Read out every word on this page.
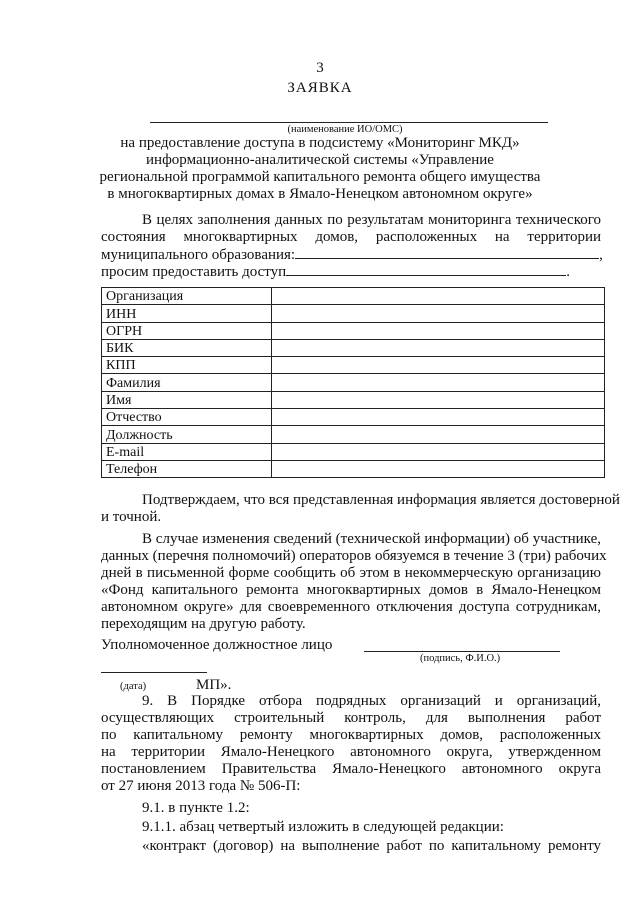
3
ЗАЯВКА
(наименование ИО/ОМС)
на предоставление доступа в подсистему «Мониторинг МКД»
информационно-аналитической системы «Управление
региональной программой капитального ремонта общего имущества
в многоквартирных домах в Ямало-Ненецком автономном округе»
В целях заполнения данных по результатам мониторинга технического
состояния многоквартирных домов, расположенных на территории
муниципального образования:	,
просим предоставить доступ	.
Организация	
ИНН	
ОГРН	
БИК	
КПП	
Фамилия	
Имя	
Отчество	
Должность	
E-mail	
Телефон	
Подтверждаем, что вся представленная информация является достоверной
и точной.
В случае изменения сведений (технической информации) об участнике,
данных (перечня полномочий) операторов обязуемся в течение 3 (три) рабочих
дней в письменной форме сообщить об этом в некоммерческую организацию
«Фонд капитального ремонта многоквартирных домов в Ямало-Ненецком
автономном округе» для своевременного отключения доступа сотрудникам,
переходящим на другую работу.
Уполномоченное должностное лицо
(подпись, Ф.И.О.)
(дата)	МП».
9. В Порядке отбора подрядных организаций и организаций,
осуществляющих строительный контроль, для выполнения работ
по капитальному ремонту многоквартирных домов, расположенных
на территории Ямало-Ненецкого автономного округа, утвержденном
постановлением Правительства Ямало-Ненецкого автономного округа
от 27 июня 2013 года № 506-П:
9.1. в пункте 1.2:
9.1.1. абзац четвертый изложить в следующей редакции:
«контракт (договор) на выполнение работ по капитальному ремонту
